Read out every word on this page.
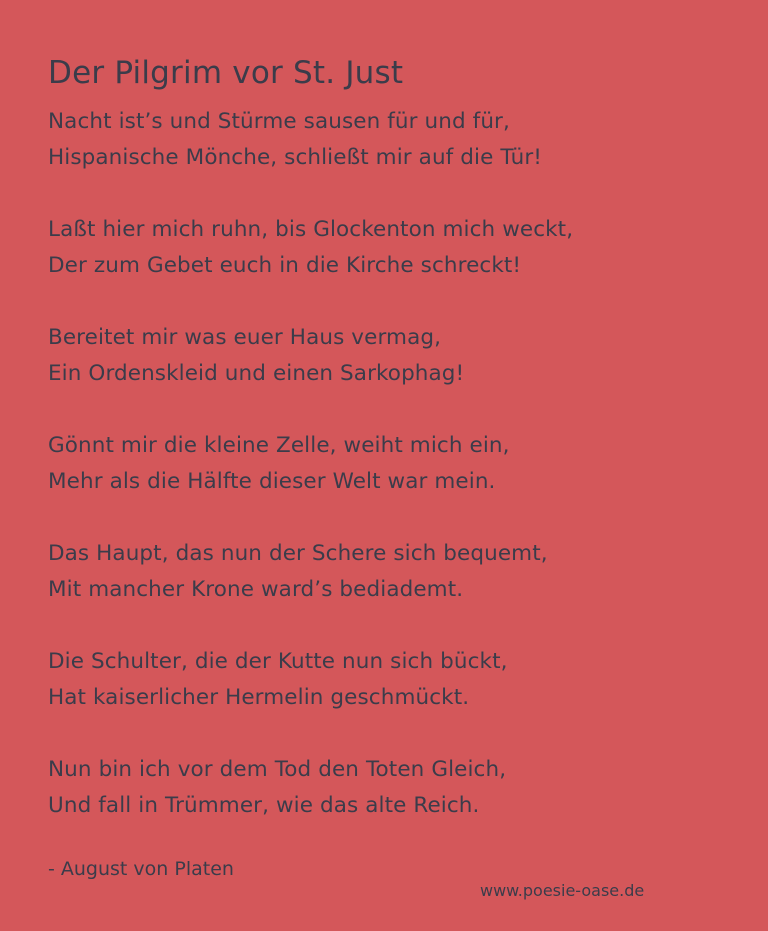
Der Pilgrim vor St. Just
Nacht ist’s und Stürme sausen für und für,
Hispanische Mönche, schließt mir auf die Tür!
Laßt hier mich ruhn, bis Glockenton mich weckt,
Der zum Gebet euch in die Kirche schreckt!
Bereitet mir was euer Haus vermag,
Ein Ordenskleid und einen Sarkophag!
Gönnt mir die kleine Zelle, weiht mich ein,
Mehr als die Hälfte dieser Welt war mein.
Das Haupt, das nun der Schere sich bequemt,
Mit mancher Krone ward’s bediademt.
Die Schulter, die der Kutte nun sich bückt,
Hat kaiserlicher Hermelin geschmückt.
Nun bin ich vor dem Tod den Toten Gleich,
Und fall in Trümmer, wie das alte Reich.
- August von Platen
www.poesie-oase.de
